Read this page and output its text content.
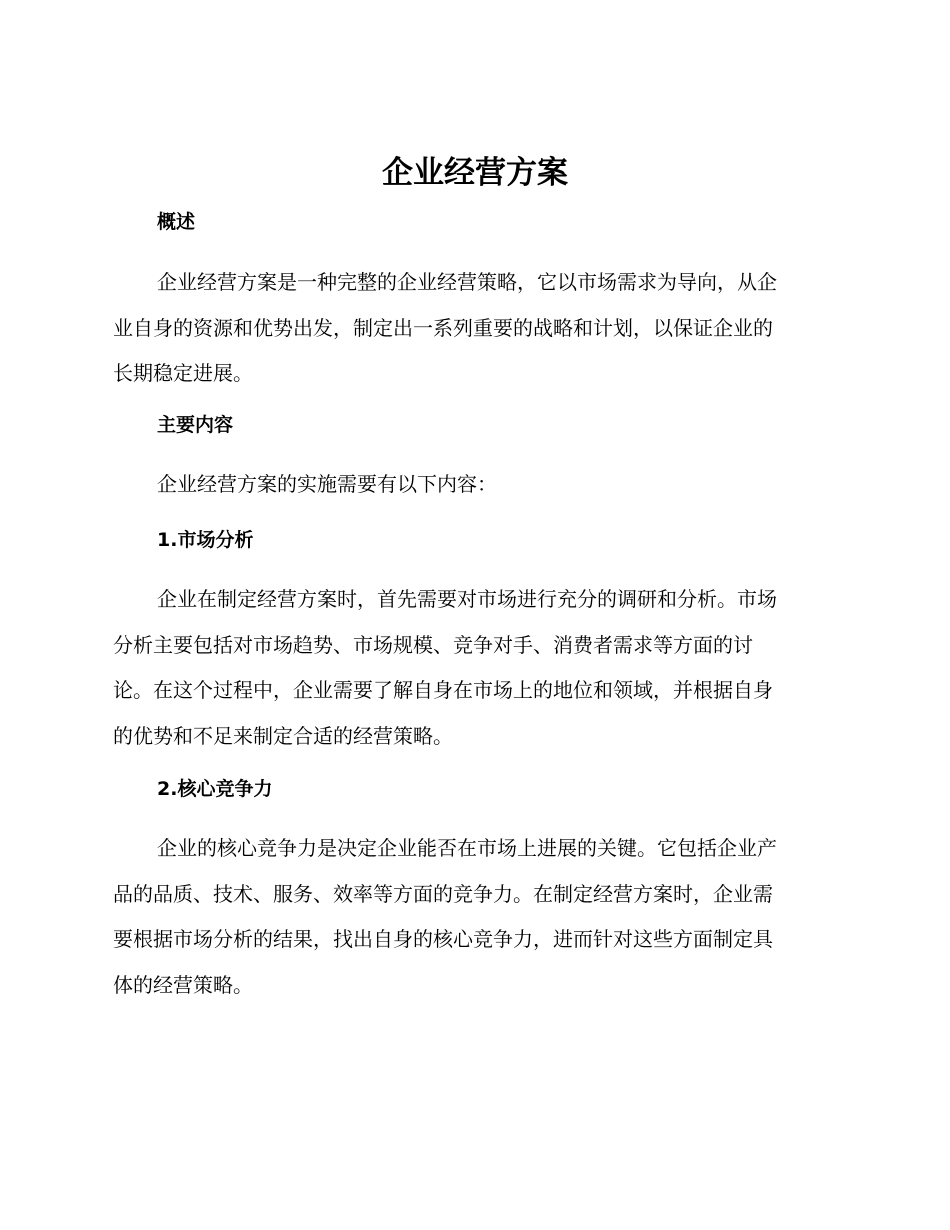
企业经营方案
概述
企业经营方案是一种完整的企业经营策略，它以市场需求为导向，从企
业自身的资源和优势出发，制定出一系列重要的战略和计划，以保证企业的
长期稳定进展。
主要内容
企业经营方案的实施需要有以下内容：
1.市场分析
企业在制定经营方案时，首先需要对市场进行充分的调研和分析。市场
分析主要包括对市场趋势、市场规模、竞争对手、消费者需求等方面的讨
论。在这个过程中，企业需要了解自身在市场上的地位和领域，并根据自身
的优势和不足来制定合适的经营策略。
2.核心竞争力
企业的核心竞争力是决定企业能否在市场上进展的关键。它包括企业产
品的品质、技术、服务、效率等方面的竞争力。在制定经营方案时，企业需
要根据市场分析的结果，找出自身的核心竞争力，进而针对这些方面制定具
体的经营策略。
